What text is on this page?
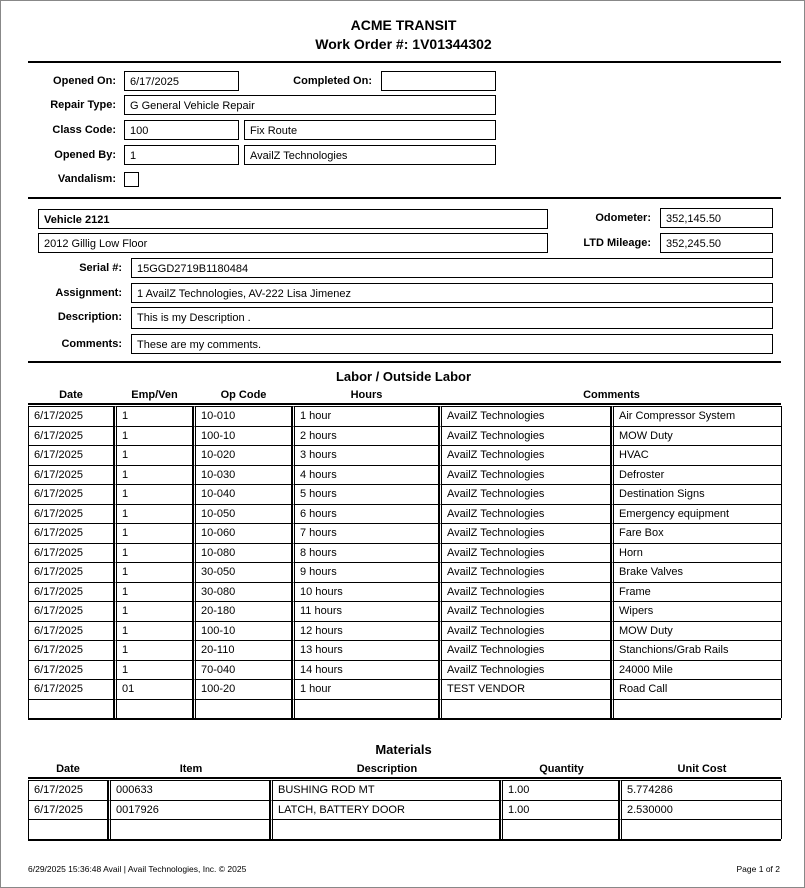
ACME TRANSIT
Work Order #: 1V01344302
Opened On:	6/17/2025	Completed On:
Repair Type:	G General Vehicle Repair
Class Code:	100	Fix Route
Opened By:	1	AvailZ Technologies
Vandalism:
Vehicle 2121
2012 Gillig Low Floor
Odometer:	352,145.50
LTD Mileage:	352,245.50
Serial #:	15GGD2719B1180484
Assignment:	1 AvailZ Technologies, AV-222 Lisa Jimenez
Description:	This is my Description .
Comments:	These are my comments.
Labor / Outside Labor
Date	Emp/Ven	Op Code	Hours	Comments
6/17/2025	1	10-010	1 hour	AvailZ Technologies	Air Compressor System
6/17/2025	1	100-10	2 hours	AvailZ Technologies	MOW Duty
6/17/2025	1	10-020	3 hours	AvailZ Technologies	HVAC
6/17/2025	1	10-030	4 hours	AvailZ Technologies	Defroster
6/17/2025	1	10-040	5 hours	AvailZ Technologies	Destination Signs
6/17/2025	1	10-050	6 hours	AvailZ Technologies	Emergency equipment
6/17/2025	1	10-060	7 hours	AvailZ Technologies	Fare Box
6/17/2025	1	10-080	8 hours	AvailZ Technologies	Horn
6/17/2025	1	30-050	9 hours	AvailZ Technologies	Brake Valves
6/17/2025	1	30-080	10 hours	AvailZ Technologies	Frame
6/17/2025	1	20-180	11 hours	AvailZ Technologies	Wipers
6/17/2025	1	100-10	12 hours	AvailZ Technologies	MOW Duty
6/17/2025	1	20-110	13 hours	AvailZ Technologies	Stanchions/Grab Rails
6/17/2025	1	70-040	14 hours	AvailZ Technologies	24000 Mile
6/17/2025	01	100-20	1 hour	TEST VENDOR	Road Call

Materials
Date	Item	Description	Quantity	Unit Cost
6/17/2025	000633	BUSHING ROD MT	1.00	5.774286
6/17/2025	0017926	LATCH, BATTERY DOOR	1.00	2.530000

6/29/2025 15:36:48 Avail | Avail Technologies, Inc. © 2025	Page 1 of 2
